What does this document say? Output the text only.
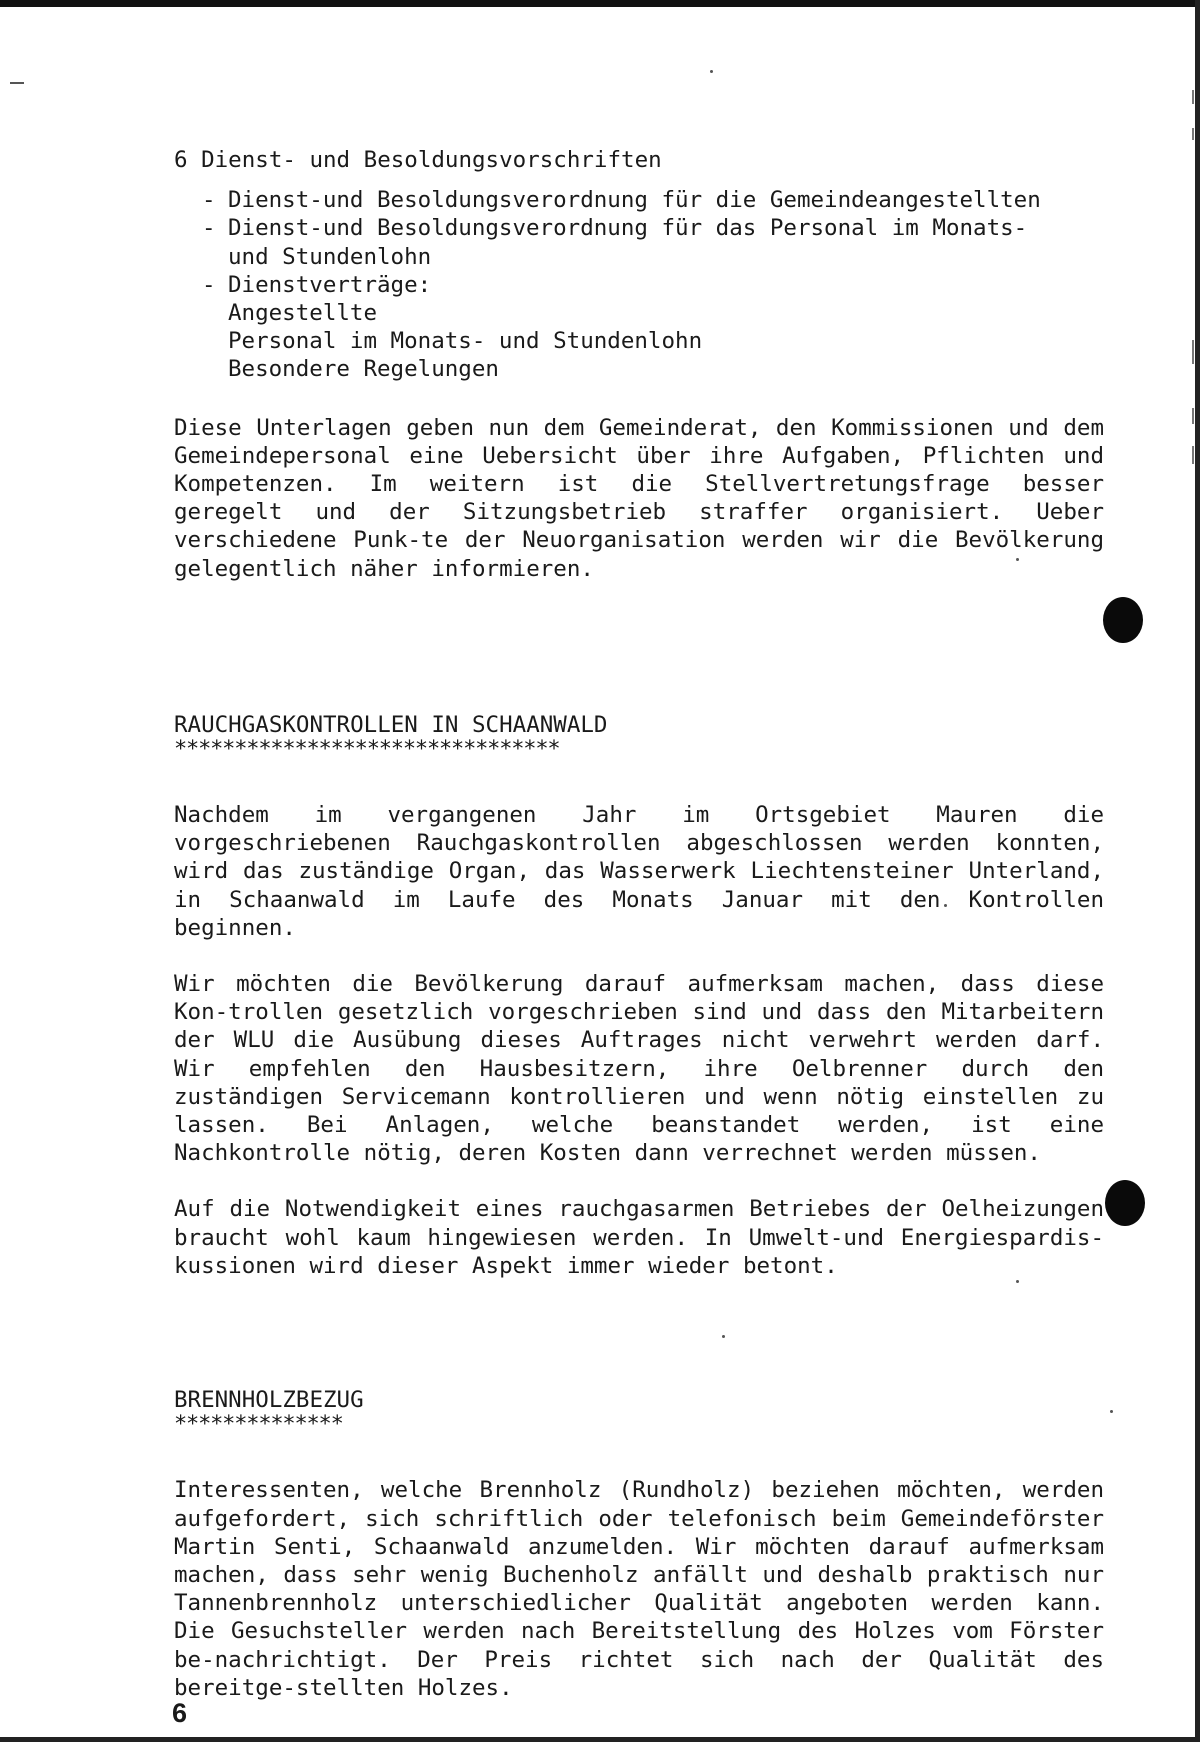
6 Dienst- und Besoldungsvorschriften

- Dienst-und Besoldungsverordnung für die Gemeindeangestellten
- Dienst-und Besoldungsverordnung für das Personal im Monats-
und Stundenlohn
- Dienstverträge:
Angestellte
Personal im Monats- und Stundenlohn
Besondere Regelungen

Diese Unterlagen geben nun dem Gemeinderat, den Kommissionen und dem Gemeindepersonal eine Uebersicht über ihre Aufgaben, Pflichten und Kompetenzen. Im weitern ist die Stellvertretungsfrage besser geregelt und der Sitzungsbetrieb straffer organisiert. Ueber verschiedene Punk-te der Neuorganisation werden wir die Bevölkerung gelegentlich näher informieren.

RAUCHGASKONTROLLEN IN SCHAANWALD

********************************

Nachdem im vergangenen Jahr im Ortsgebiet Mauren die vorgeschriebenen Rauchgaskontrollen abgeschlossen werden konnten, wird das zuständige Organ, das Wasserwerk Liechtensteiner Unterland, in Schaanwald im Laufe des Monats Januar mit den Kontrollen beginnen.

Wir möchten die Bevölkerung darauf aufmerksam machen, dass diese Kon-trollen gesetzlich vorgeschrieben sind und dass den Mitarbeitern der WLU die Ausübung dieses Auftrages nicht verwehrt werden darf. Wir empfehlen den Hausbesitzern, ihre Oelbrenner durch den zuständigen Servicemann kontrollieren und wenn nötig einstellen zu lassen. Bei Anlagen, welche beanstandet werden, ist eine Nachkontrolle nötig, deren Kosten dann verrechnet werden müssen.

Auf die Notwendigkeit eines rauchgasarmen Betriebes der Oelheizungen braucht wohl kaum hingewiesen werden. In Umwelt-und Energiespardis-kussionen wird dieser Aspekt immer wieder betont.

BRENNHOLZBEZUG

**************

Interessenten, welche Brennholz (Rundholz) beziehen möchten, werden aufgefordert, sich schriftlich oder telefonisch beim Gemeindeförster Martin Senti, Schaanwald anzumelden. Wir möchten darauf aufmerksam machen, dass sehr wenig Buchenholz anfällt und deshalb praktisch nur Tannenbrennholz unterschiedlicher Qualität angeboten werden kann. Die Gesuchsteller werden nach Bereitstellung des Holzes vom Förster be-nachrichtigt. Der Preis richtet sich nach der Qualität des bereitge-stellten Holzes.

6
